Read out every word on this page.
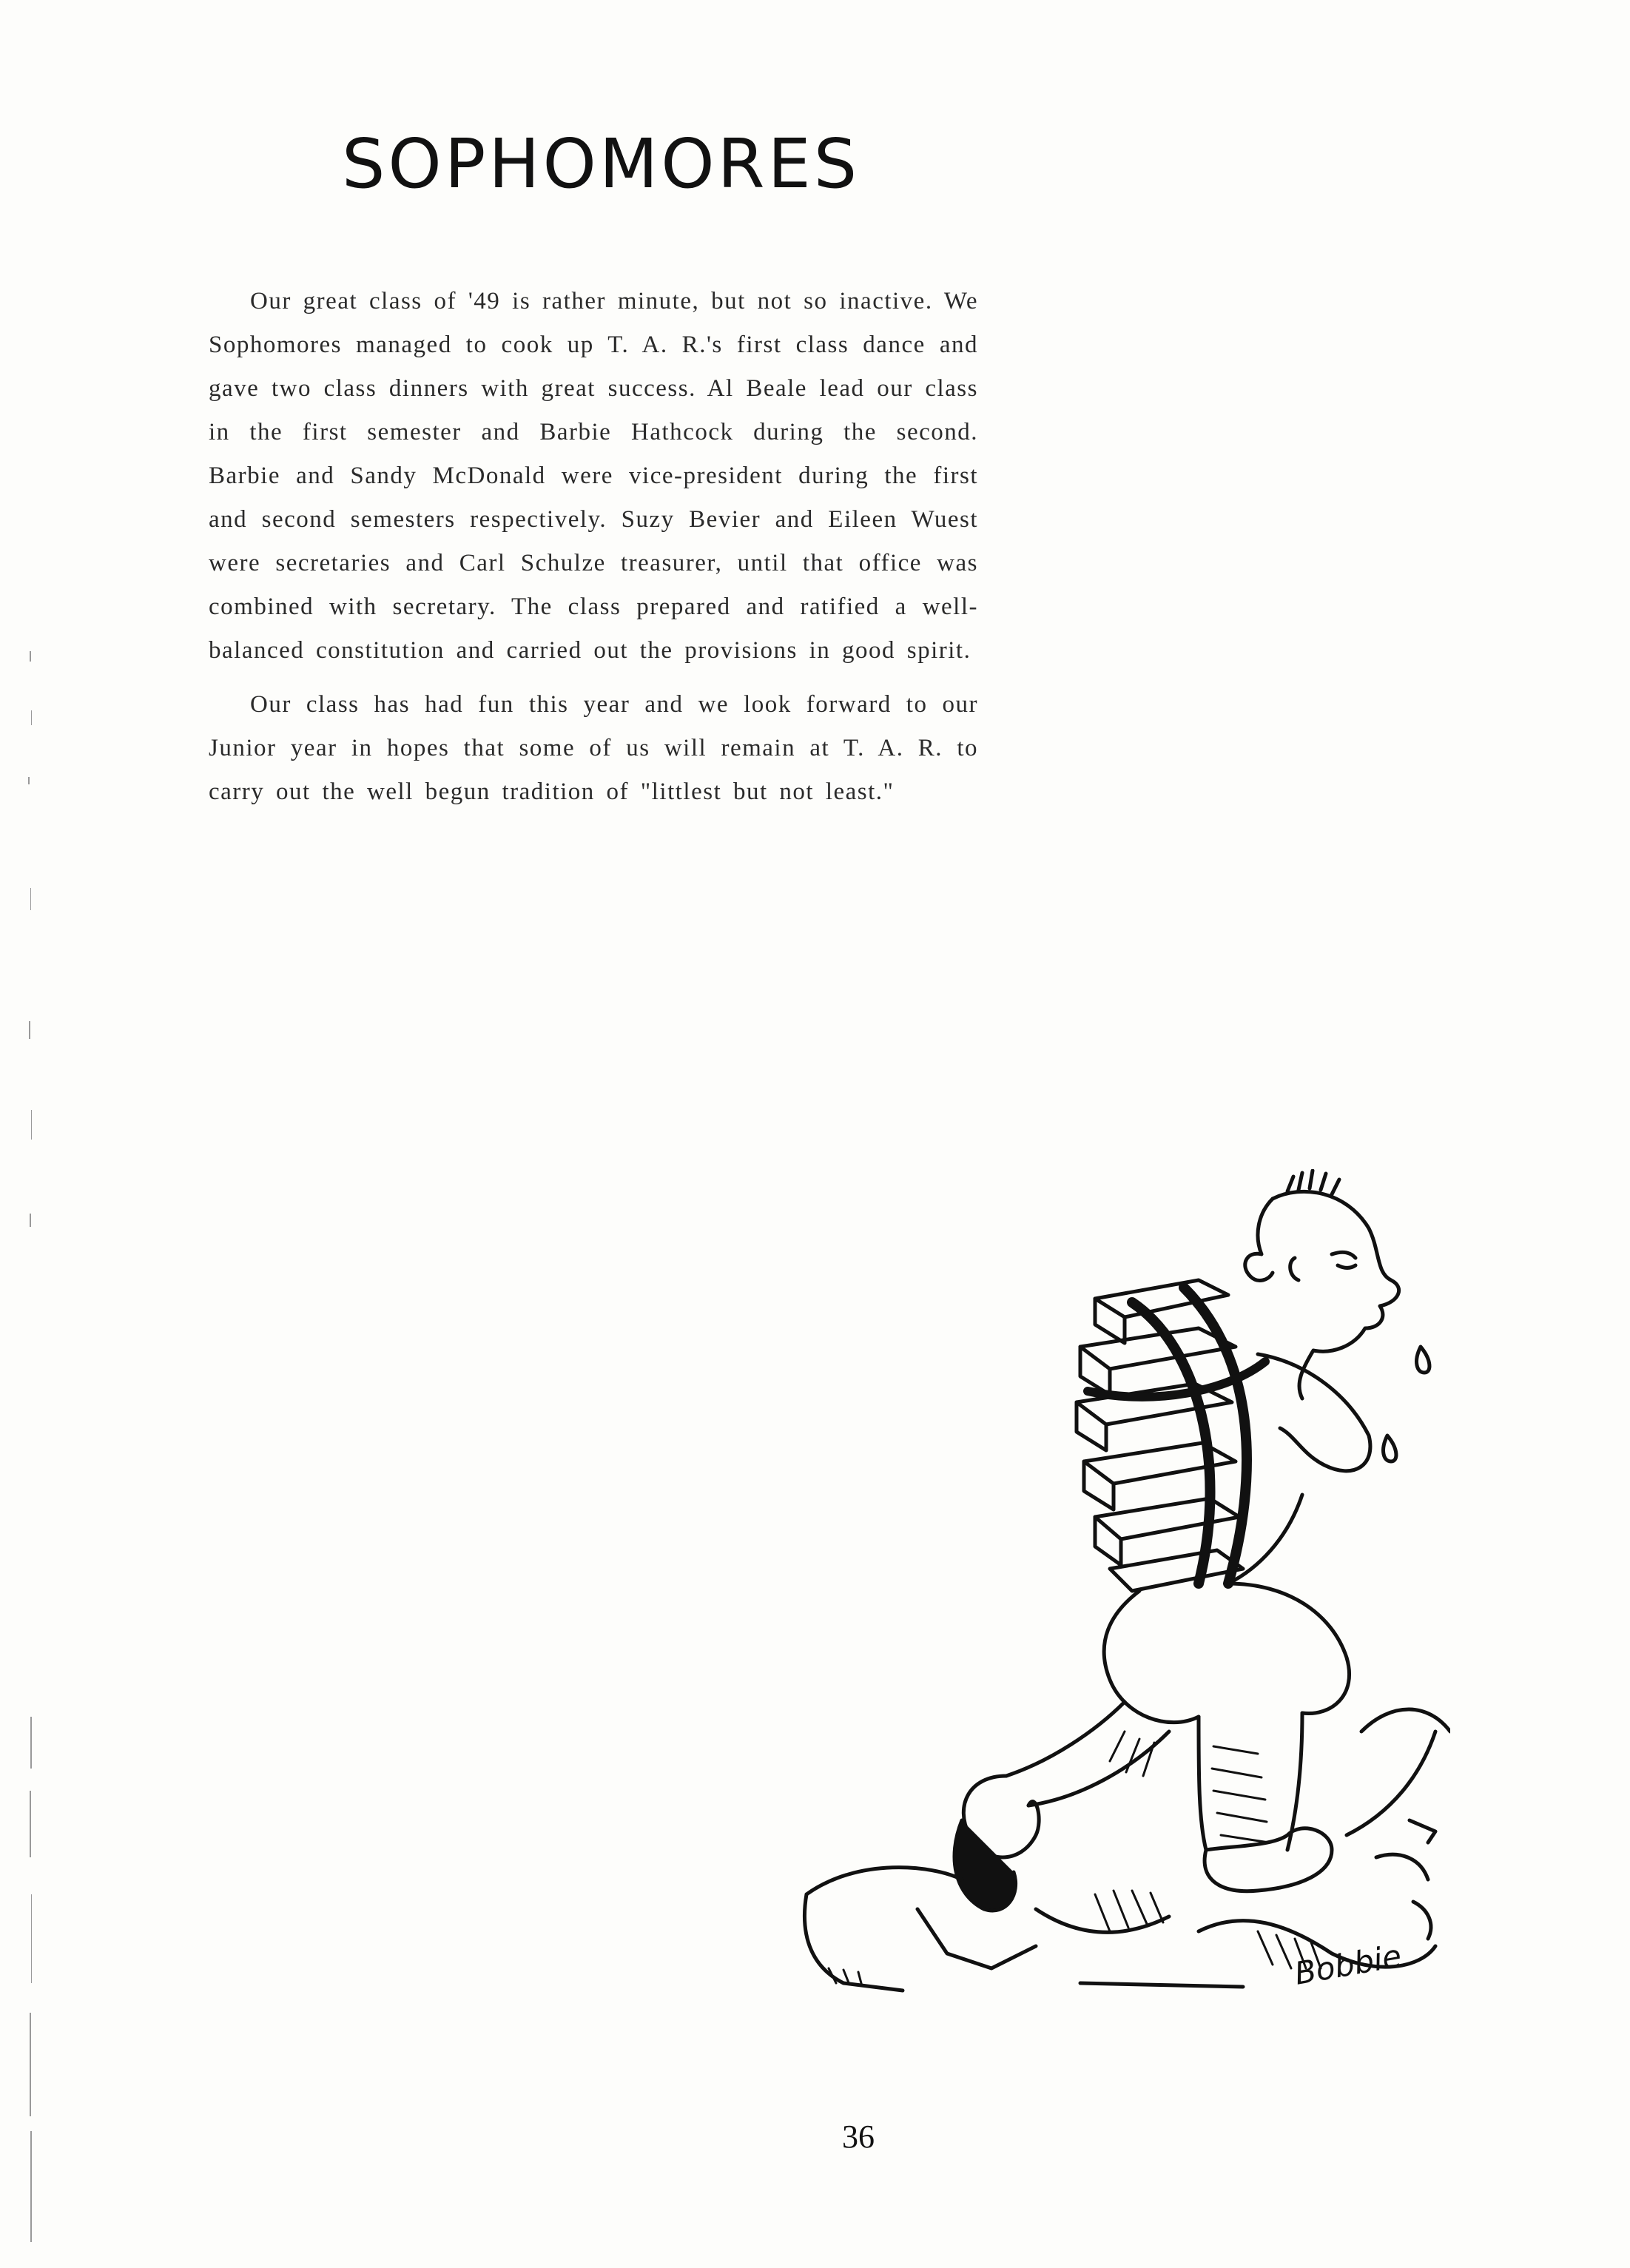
SOPHOMORES

Our great class of '49 is rather minute, but not so inactive. We Sophomores managed to cook up T. A. R.'s first class dance and gave two class dinners with great success. Al Beale lead our class in the first semester and Barbie Hathcock during the second. Barbie and Sandy McDonald were vice-president during the first and second semesters respectively. Suzy Bevier and Eileen Wuest were secretaries and Carl Schulze treasurer, until that office was combined with secretary. The class prepared and ratified a well-balanced constitution and carried out the provisions in good spirit.

Our class has had fun this year and we look forward to our Junior year in hopes that some of us will remain at T. A. R. to carry out the well begun tradition of "littlest but not least."

Bobbie
36
